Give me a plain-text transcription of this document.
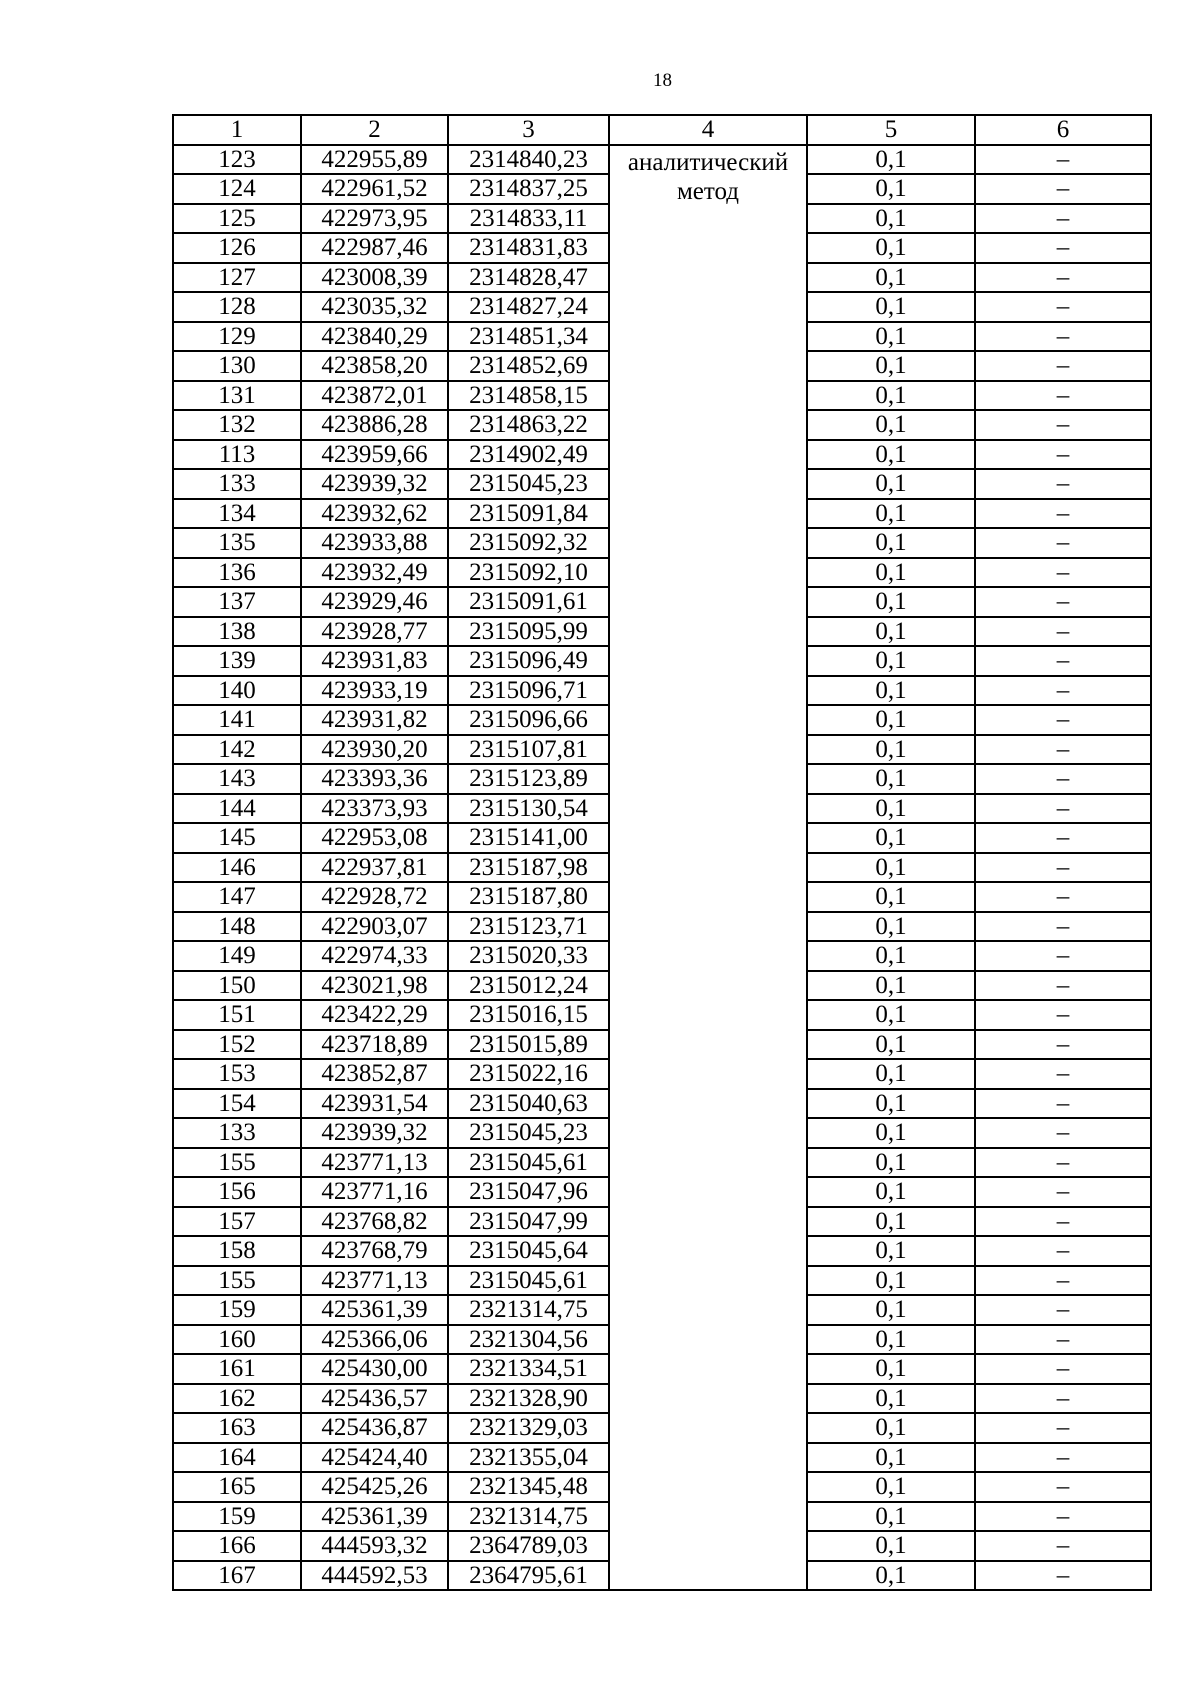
18
1	2	3	4	5	6
123	422955,89	2314840,23	аналитический метод	0,1	–
124	422961,52	2314837,25		0,1	–
125	422973,95	2314833,11		0,1	–
126	422987,46	2314831,83		0,1	–
127	423008,39	2314828,47		0,1	–
128	423035,32	2314827,24		0,1	–
129	423840,29	2314851,34		0,1	–
130	423858,20	2314852,69		0,1	–
131	423872,01	2314858,15		0,1	–
132	423886,28	2314863,22		0,1	–
113	423959,66	2314902,49		0,1	–
133	423939,32	2315045,23		0,1	–
134	423932,62	2315091,84		0,1	–
135	423933,88	2315092,32		0,1	–
136	423932,49	2315092,10		0,1	–
137	423929,46	2315091,61		0,1	–
138	423928,77	2315095,99		0,1	–
139	423931,83	2315096,49		0,1	–
140	423933,19	2315096,71		0,1	–
141	423931,82	2315096,66		0,1	–
142	423930,20	2315107,81		0,1	–
143	423393,36	2315123,89		0,1	–
144	423373,93	2315130,54		0,1	–
145	422953,08	2315141,00		0,1	–
146	422937,81	2315187,98		0,1	–
147	422928,72	2315187,80		0,1	–
148	422903,07	2315123,71		0,1	–
149	422974,33	2315020,33		0,1	–
150	423021,98	2315012,24		0,1	–
151	423422,29	2315016,15		0,1	–
152	423718,89	2315015,89		0,1	–
153	423852,87	2315022,16		0,1	–
154	423931,54	2315040,63		0,1	–
133	423939,32	2315045,23		0,1	–
155	423771,13	2315045,61		0,1	–
156	423771,16	2315047,96		0,1	–
157	423768,82	2315047,99		0,1	–
158	423768,79	2315045,64		0,1	–
155	423771,13	2315045,61		0,1	–
159	425361,39	2321314,75		0,1	–
160	425366,06	2321304,56		0,1	–
161	425430,00	2321334,51		0,1	–
162	425436,57	2321328,90		0,1	–
163	425436,87	2321329,03		0,1	–
164	425424,40	2321355,04		0,1	–
165	425425,26	2321345,48		0,1	–
159	425361,39	2321314,75		0,1	–
166	444593,32	2364789,03		0,1	–
167	444592,53	2364795,61		0,1	–
